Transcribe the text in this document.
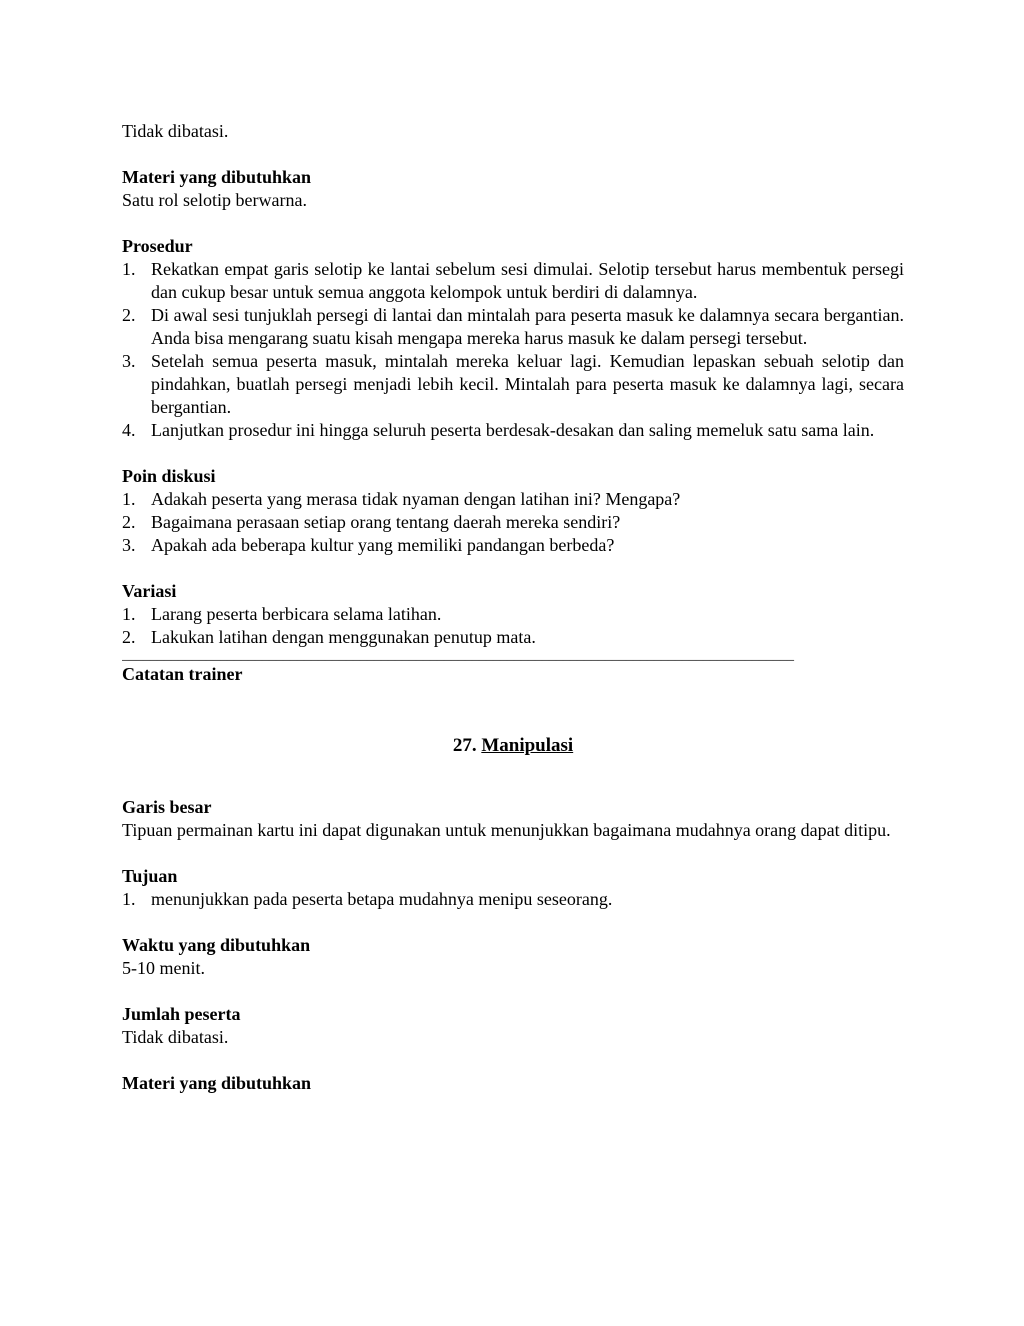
Tidak dibatasi.

Materi yang dibutuhkan

Satu rol selotip berwarna.

Prosedur

1. Rekatkan empat garis selotip ke lantai sebelum sesi dimulai. Selotip tersebut harus membentuk persegi dan cukup besar untuk semua anggota kelompok untuk berdiri di dalamnya.
2. Di awal sesi tunjuklah persegi di lantai dan mintalah para peserta masuk ke dalamnya secara bergantian. Anda bisa mengarang suatu kisah mengapa mereka harus masuk ke dalam persegi tersebut.
3. Setelah semua peserta masuk, mintalah mereka keluar lagi. Kemudian lepaskan sebuah selotip dan pindahkan, buatlah persegi menjadi lebih kecil. Mintalah para peserta masuk ke dalamnya lagi, secara bergantian.
4. Lanjutkan prosedur ini hingga seluruh peserta berdesak-desakan dan saling memeluk satu sama lain.

Poin diskusi

1. Adakah peserta yang merasa tidak nyaman dengan latihan ini? Mengapa?
2. Bagaimana perasaan setiap orang tentang daerah mereka sendiri?
3. Apakah ada beberapa kultur yang memiliki pandangan berbeda?

Variasi

1. Larang peserta berbicara selama latihan.
2. Lakukan latihan dengan menggunakan penutup mata.
________________________________________________________________________________________________

Catatan trainer

27. Manipulasi

Garis besar

Tipuan permainan kartu ini dapat digunakan untuk menunjukkan bagaimana mudahnya orang dapat ditipu.

Tujuan

1. menunjukkan pada peserta betapa mudahnya menipu seseorang.

Waktu yang dibutuhkan

5-10 menit.

Jumlah peserta

Tidak dibatasi.

Materi yang dibutuhkan
